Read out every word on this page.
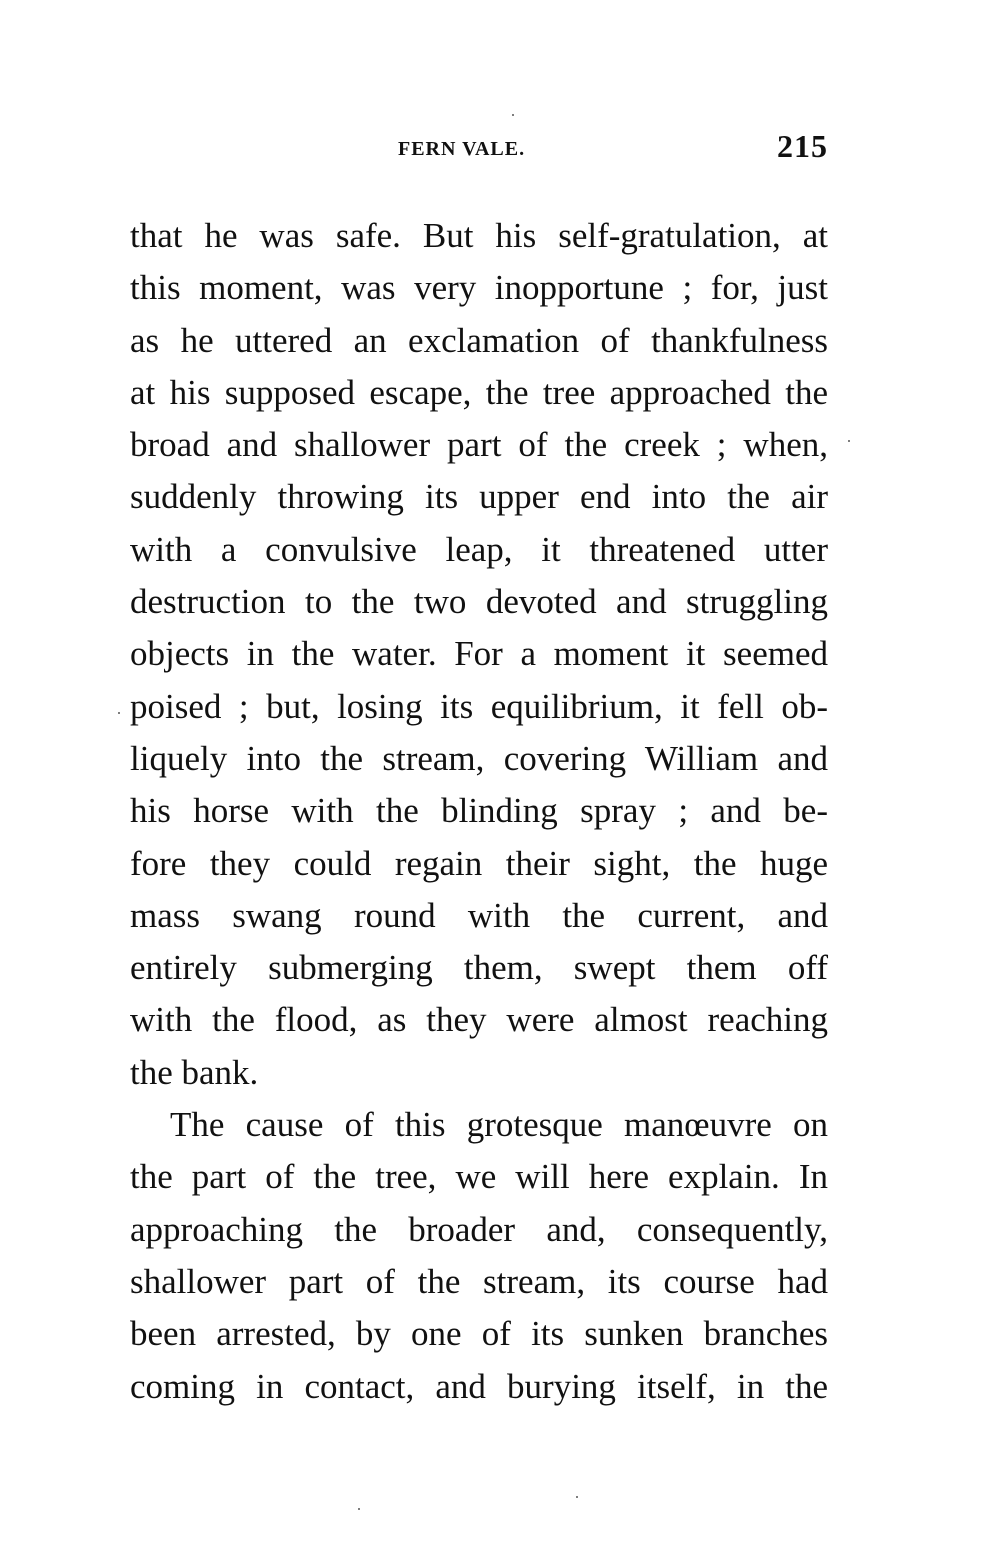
FERN VALE.	215
that he was safe. But his self-gratulation, at
this moment, was very inopportune ; for, just
as he uttered an exclamation of thankfulness
at his supposed escape, the tree approached the
broad and shallower part of the creek ; when,
suddenly throwing its upper end into the air
with a convulsive leap, it threatened utter
destruction to the two devoted and struggling
objects in the water. For a moment it seemed
poised ; but, losing its equilibrium, it fell ob-
liquely into the stream, covering William and
his horse with the blinding spray ; and be-
fore they could regain their sight, the huge
mass swang round with the current, and
entirely submerging them, swept them off
with the flood, as they were almost reaching
the bank.
The cause of this grotesque manœuvre on
the part of the tree, we will here explain. In
approaching the broader and, consequently,
shallower part of the stream, its course had
been arrested, by one of its sunken branches
coming in contact, and burying itself, in the
